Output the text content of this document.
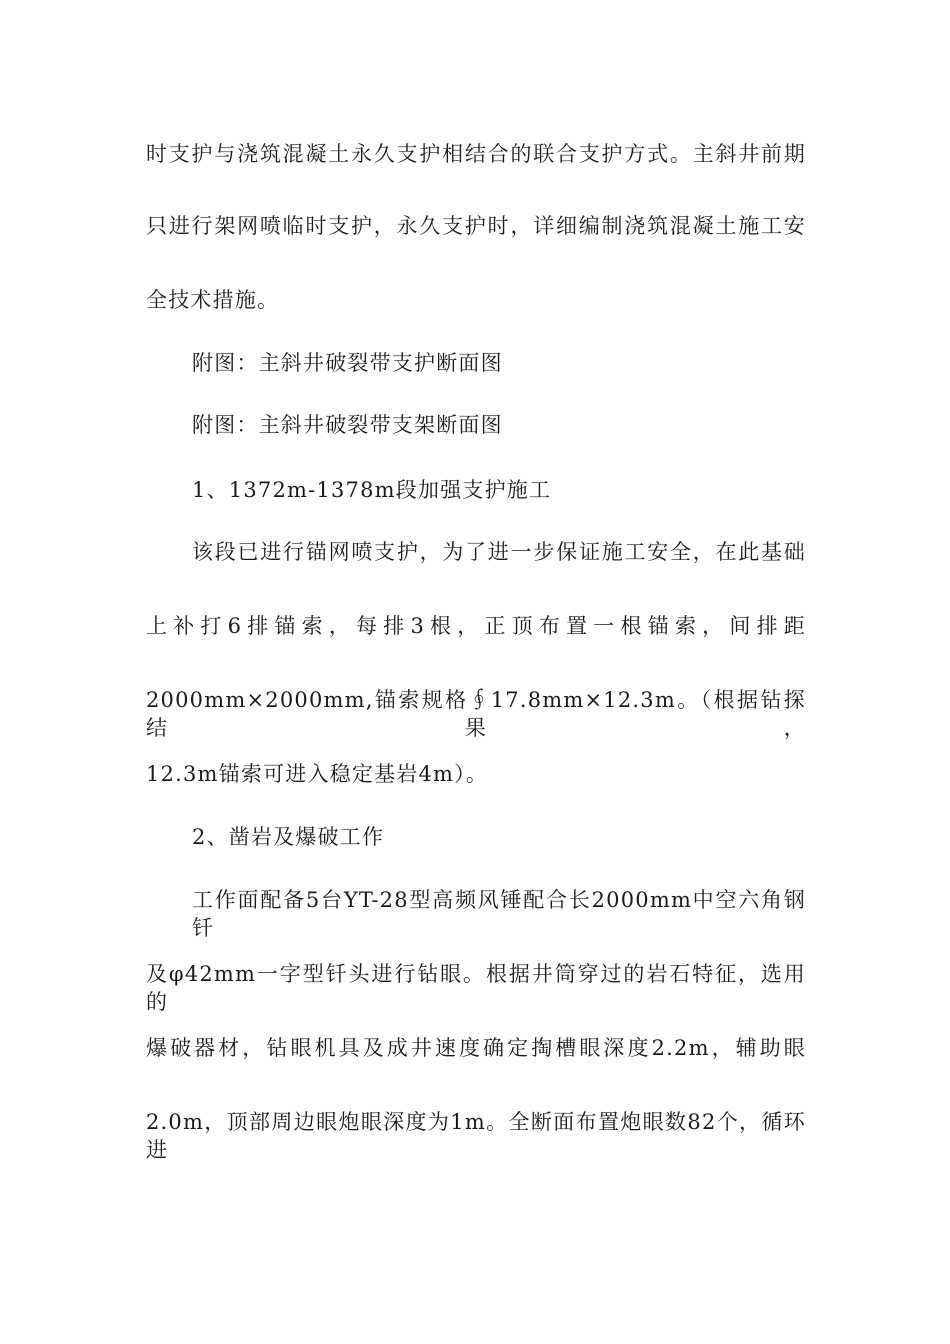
时支护与浇筑混凝土永久支护相结合的联合支护方式。主斜井前期
只进行架网喷临时支护，永久支护时，详细编制浇筑混凝土施工安
全技术措施。
附图：主斜井破裂带支护断面图
附图：主斜井破裂带支架断面图
1、1372m-1378m段加强支护施工
该段已进行锚网喷支护，为了进一步保证施工安全，在此基础
上补打6排锚索，每排3根，正顶布置一根锚索，间排距
2000mm×2000mm,锚索规格∮17.8mm×12.3m。（根据钻探结果，
12.3m锚索可进入稳定基岩4m）。
2、凿岩及爆破工作
工作面配备5台YT-28型高频风锤配合长2000mm中空六角钢钎
及φ42mm一字型钎头进行钻眼。根据井筒穿过的岩石特征，选用的
爆破器材，钻眼机具及成井速度确定掏槽眼深度2.2m，辅助眼
2.0m，顶部周边眼炮眼深度为1m。全断面布置炮眼数82个，循环进
